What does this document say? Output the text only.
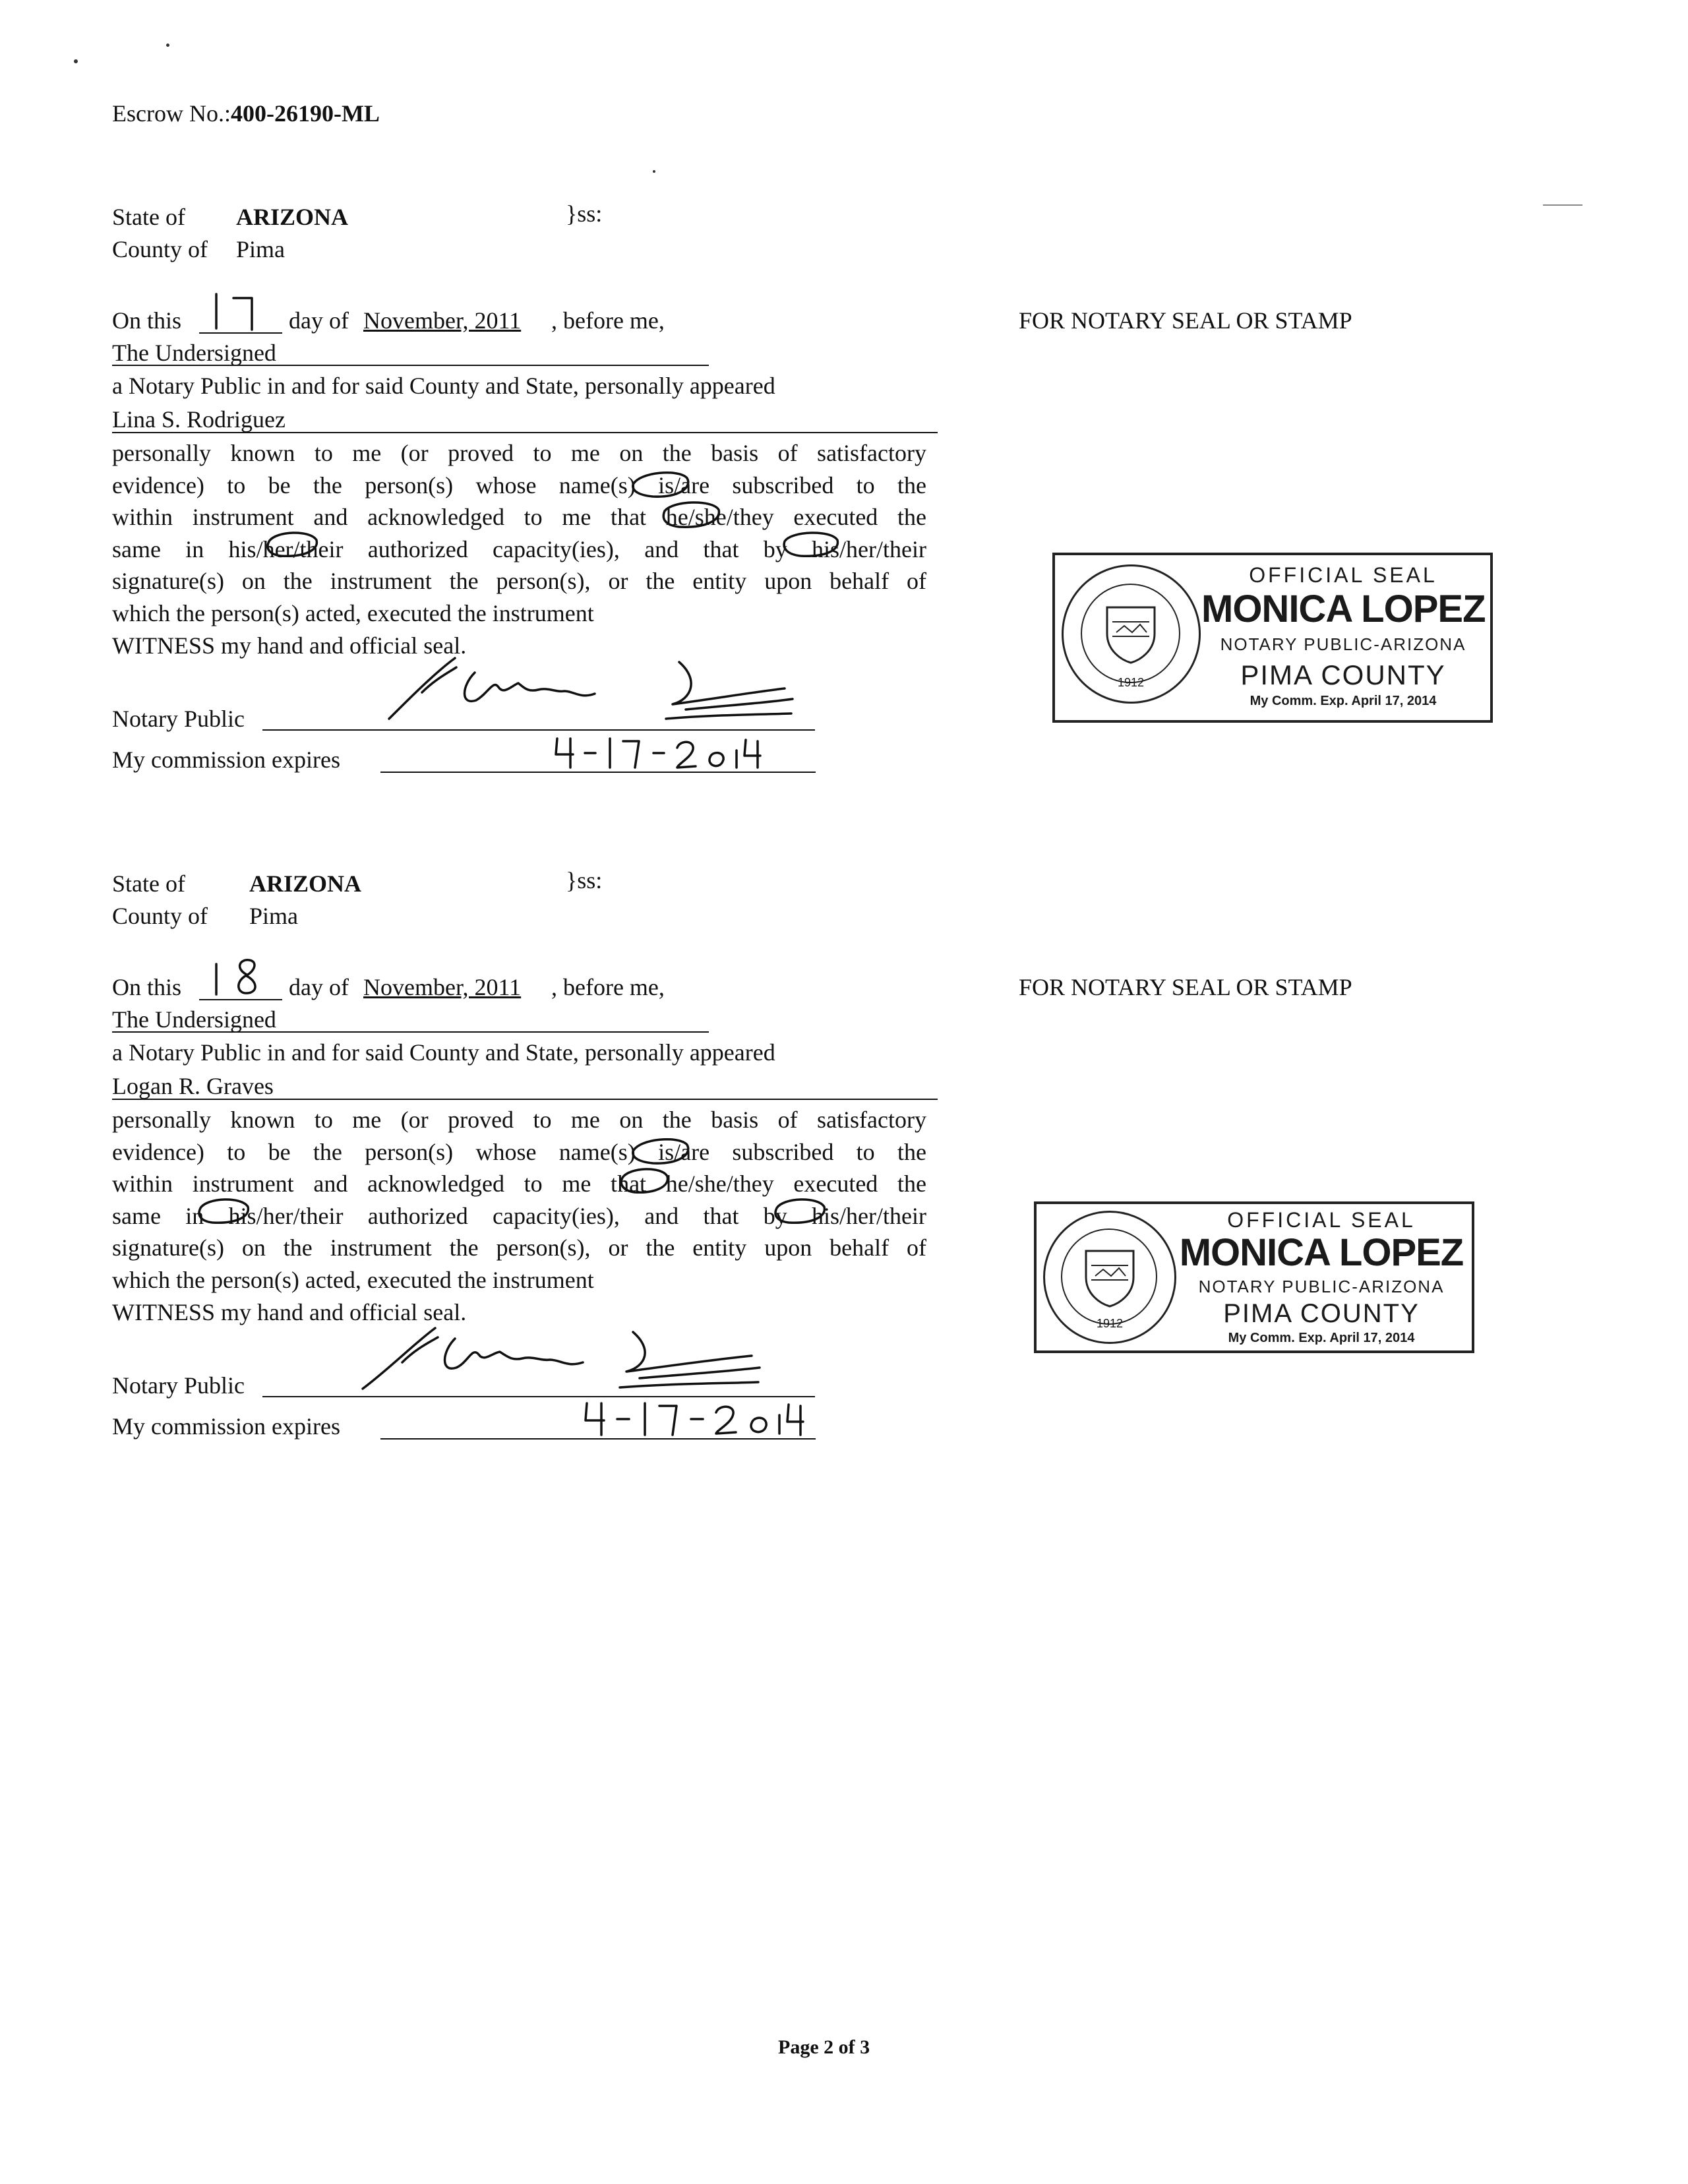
Escrow No.:400-26190-ML
State of ARIZONA	}ss:
County of Pima
On this	day of November, 2011 , before me,
The Undersigned
a Notary Public in and for said County and State, personally appeared
Lina S. Rodriguez
personally known to me (or proved to me on the basis of satisfactory
evidence) to be the person(s) whose name(s) is/are subscribed to the
within instrument and acknowledged to me that he/she/they executed the
same in his/her/their authorized capacity(ies), and that by his/her/their
signature(s) on the instrument the person(s), or the entity upon behalf of
which the person(s) acted, executed the instrument
WITNESS my hand and official seal.
Notary Public
My commission expires
FOR NOTARY SEAL OR STAMP
1912
OFFICIAL SEAL
MONICA LOPEZ
NOTARY PUBLIC-ARIZONA
PIMA COUNTY
My Comm. Exp. April 17, 2014
State of	ARIZONA	}ss:
County of Pima
On this	day of November, 2011 , before me,
The Undersigned
a Notary Public in and for said County and State, personally appeared
Logan R. Graves
personally known to me (or proved to me on the basis of satisfactory
evidence) to be the person(s) whose name(s) is/are subscribed to the
within instrument and acknowledged to me that he/she/they executed the
same in his/her/their authorized capacity(ies), and that by his/her/their
signature(s) on the instrument the person(s), or the entity upon behalf of
which the person(s) acted, executed the instrument
WITNESS my hand and official seal.
Notary Public
My commission expires
FOR NOTARY SEAL OR STAMP
1912
OFFICIAL SEAL
MONICA LOPEZ
NOTARY PUBLIC-ARIZONA
PIMA COUNTY
My Comm. Exp. April 17, 2014
Page 2 of 3
